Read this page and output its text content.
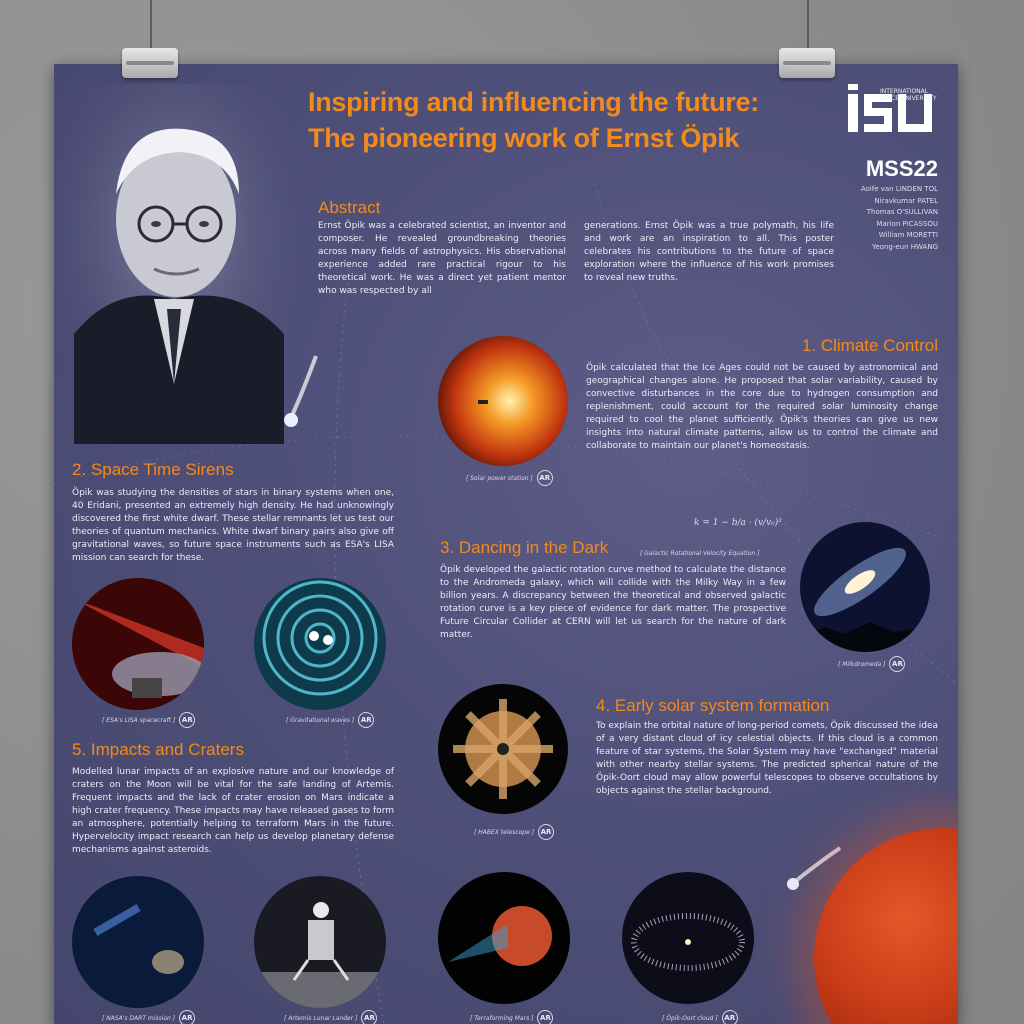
Inspiring and influencing the future:
The pioneering work of Ernst Öpik
INTERNATIONAL
SPACE UNIVERSITY
MSS22
Aoife van LINDEN TOL
Niravkumar PATEL
Thomas O'SULLIVAN
Marion PICASSOU
William MORETTI
Yeong-eun HWANG
Abstract
Ernst Öpik was a celebrated scientist, an inventor and composer. He revealed groundbreaking theories across many fields of astrophysics. His observational experience added rare practical rigour to his theoretical work. He was a direct yet patient mentor who was respected by all
generations. Ernst Öpik was a true polymath, his life and work are an inspiration to all. This poster celebrates his contributions to the future of space exploration where the influence of his work promises to reveal new truths.
[ Solar power station ] AR
1. Climate Control
Öpik calculated that the Ice Ages could not be caused by astronomical and geographical changes alone. He proposed that solar variability, caused by convective disturbances in the core due to hydrogen consumption and replenishment, could account for the required solar luminosity change required to cool the planet sufficiently. Öpik's theories can give us new insights into natural climate patterns, allow us to control the climate and collaborate to maintain our planet's homeostasis.
2. Space Time Sirens
Öpik was studying the densities of stars in binary systems when one, 40 Eridani, presented an extremely high density. He had unknowingly discovered the first white dwarf. These stellar remnants let us test our theories of quantum mechanics. White dwarf binary pairs also give off gravitational waves, so future space instruments such as ESA's LISA mission can search for these.
[ ESA's LISA spacecraft ] AR	[ Gravitational waves ] AR
k = 1 − b/a · (v/v₀)²
[ Galactic Rotational Velocity Equation ]
3. Dancing in the Dark
Öpik developed the galactic rotation curve method to calculate the distance to the Andromeda galaxy, which will collide with the Milky Way in a few billion years. A discrepancy between the theoretical and observed galactic rotation curve is a key piece of evidence for dark matter. The prospective Future Circular Collider at CERN will let us search for the nature of dark matter.
[ Milkdromeda ] AR
[ HABEX telescope ] AR
4. Early solar system formation
To explain the orbital nature of long-period comets, Öpik discussed the idea of a very distant cloud of icy celestial objects. If this cloud is a common feature of star systems, the Solar System may have "exchanged" material with other nearby stellar systems. The predicted spherical nature of the Öpik-Oort cloud may allow powerful telescopes to observe occultations by objects against the stellar background.
5. Impacts and Craters
Modelled lunar impacts of an explosive nature and our knowledge of craters on the Moon will be vital for the safe landing of Artemis. Frequent impacts and the lack of crater erosion on Mars indicate a high crater frequency. These impacts may have released gases to form an atmosphere, potentially helping to terraform Mars in the future. Hypervelocity impact research can help us develop planetary defense mechanisms against asteroids.
[ NASA's DART mission ] AR	[ Artemis Lunar Lander ] AR	[ Terraforming Mars ] AR	[ Öpik-Oort cloud ] AR
